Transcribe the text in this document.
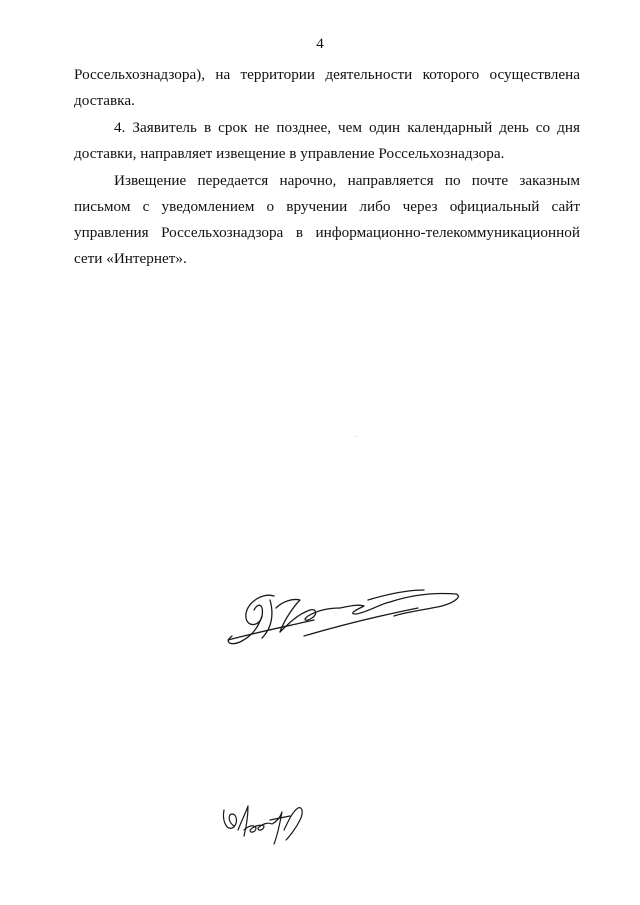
4

Россельхознадзора), на территории деятельности которого осуществлена доставка.

4. Заявитель в срок не позднее, чем один календарный день со дня доставки, направляет извещение в управление Россельхознадзора.

Извещение передается нарочно, направляется по почте заказным письмом с уведомлением о вручении либо через официальный сайт управления Россельхознадзора в информационно-телекоммуникационной сети «Интернет».
